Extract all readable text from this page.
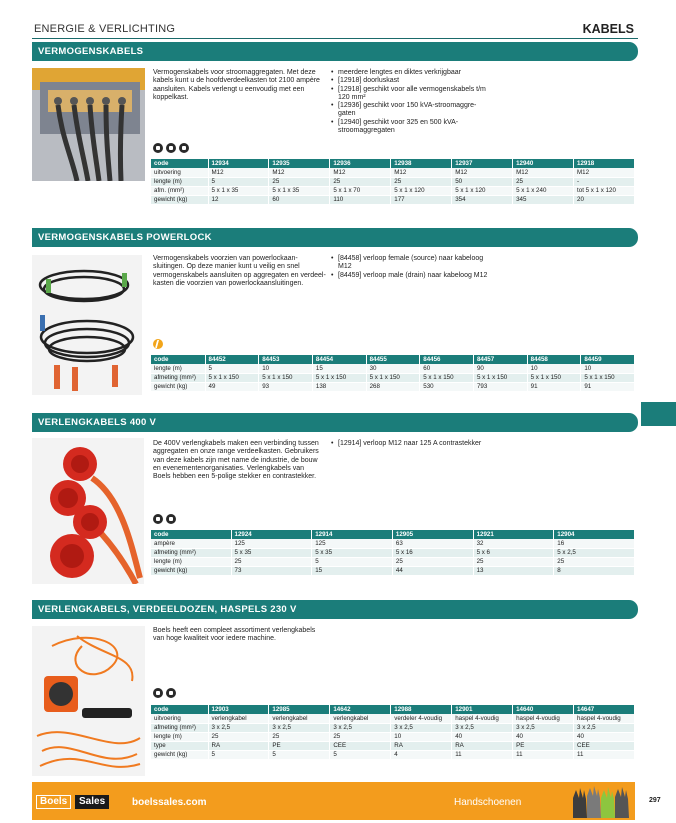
ENERGIE & VERLICHTING	KABELS
VERMOGENSKABELS
Vermogenskabels voor stroomaggregaten. Met deze
kabels kunt u de hoofdverdeelkasten tot 2100 ampère
aansluiten. Kabels verlengt u eenvoudig met een
koppelkast.
• meerdere lengtes en diktes verkrijgbaar
• [12918] doorluskast
• [12918] geschikt voor alle vermogenskabels t/m
120 mm²
• [12936] geschikt voor 150 kVA-stroomaggre-
gaten
• [12940] geschikt voor 325 en 500 kVA-
stroomaggregaten
code	12934	12935	12936	12938	12937	12940	12918
uitvoering	M12	M12	M12	M12	M12	M12	M12
lengte (m)	5	25	25	25	50	25	-
afm. (mm²)	5 x 1 x 35	5 x 1 x 35	5 x 1 x 70	5 x 1 x 120	5 x 1 x 120	5 x 1 x 240	tot 5 x 1 x 120
gewicht (kg)	12	60	110	177	354	345	20
VERMOGENSKABELS POWERLOCK
Vermogenskabels voorzien van powerlockaan-
sluitingen. Op deze manier kunt u veilig en snel
vermogenskabels aansluiten op aggregaten en verdeel-
kasten die voorzien van powerlockaansluitingen.
• [84458] verloop female (source) naar kabeloog
M12
• [84459] verloop male (drain) naar kabeloog M12
code	84452	84453	84454	84455	84456	84457	84458	84459
lengte (m)	5	10	15	30	60	90	10	10
afmeting (mm²)	5 x 1 x 150	5 x 1 x 150	5 x 1 x 150	5 x 1 x 150	5 x 1 x 150	5 x 1 x 150	5 x 1 x 150	5 x 1 x 150
gewicht (kg)	49	93	138	268	530	793	91	91
VERLENGKABELS 400 V
De 400V verlengkabels maken een verbinding tussen
aggregaten en onze range verdeelkasten. Gebruikers
van deze kabels zijn met name de industrie, de bouw
en evenementenorganisaties. Verlengkabels van
Boels hebben een 5-polige stekker en contrastekker.
• [12914] verloop M12 naar 125 A contrastekker
code	12924	12914	12905	12921	12904
ampère	125	125	63	32	16
afmeting (mm²)	5 x 35	5 x 35	5 x 16	5 x 6	5 x 2,5
lengte (m)	25	5	25	25	25
gewicht (kg)	73	15	44	13	8
VERLENGKABELS, VERDEELDOZEN, HASPELS 230 V
Boels heeft een compleet assortiment verlengkabels
van hoge kwaliteit voor iedere machine.
code	12903	12985	14642	12988	12901	14640	14647
uitvoering	verlengkabel	verlengkabel	verlengkabel	verdeler 4-voudig	haspel 4-voudig	haspel 4-voudig	haspel 4-voudig
afmeting (mm²)	3 x 2,5	3 x 2,5	3 x 2,5	3 x 2,5	3 x 2,5	3 x 2,5	3 x 2,5
lengte (m)	25	25	25	10	40	40	40
type	RA	PE	CEE	RA	RA	PE	CEE
gewicht (kg)	5	5	5	4	11	11	11
Boels	Sales	boelssales.com	Handschoenen	297
